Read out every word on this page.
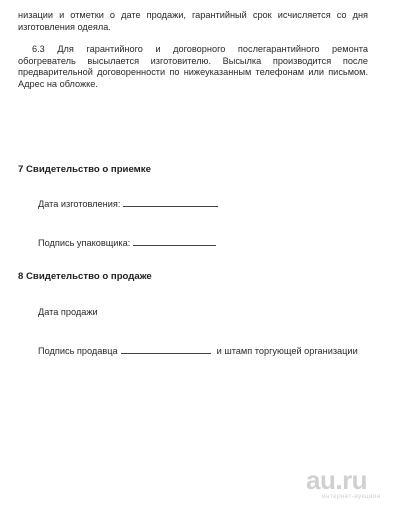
низации и отметки о дате продажи, гарантийный срок исчисляется со дня изготовления одеяла.

6.3 Для гарантийного и договорного послегарантийного ремонта обогреватель высылается изготовителю. Высылка производится после предварительной договоренности по нижеуказанным телефонам или письмом. Адрес на обложке.

7 Свидетельство о приемке
Дата изготовления:
Подпись упаковщика:
8 Свидетельство о продаже
Дата продажи
Подпись продавца	и штамп торгующей организации
au.ru
интернет-аукцион
